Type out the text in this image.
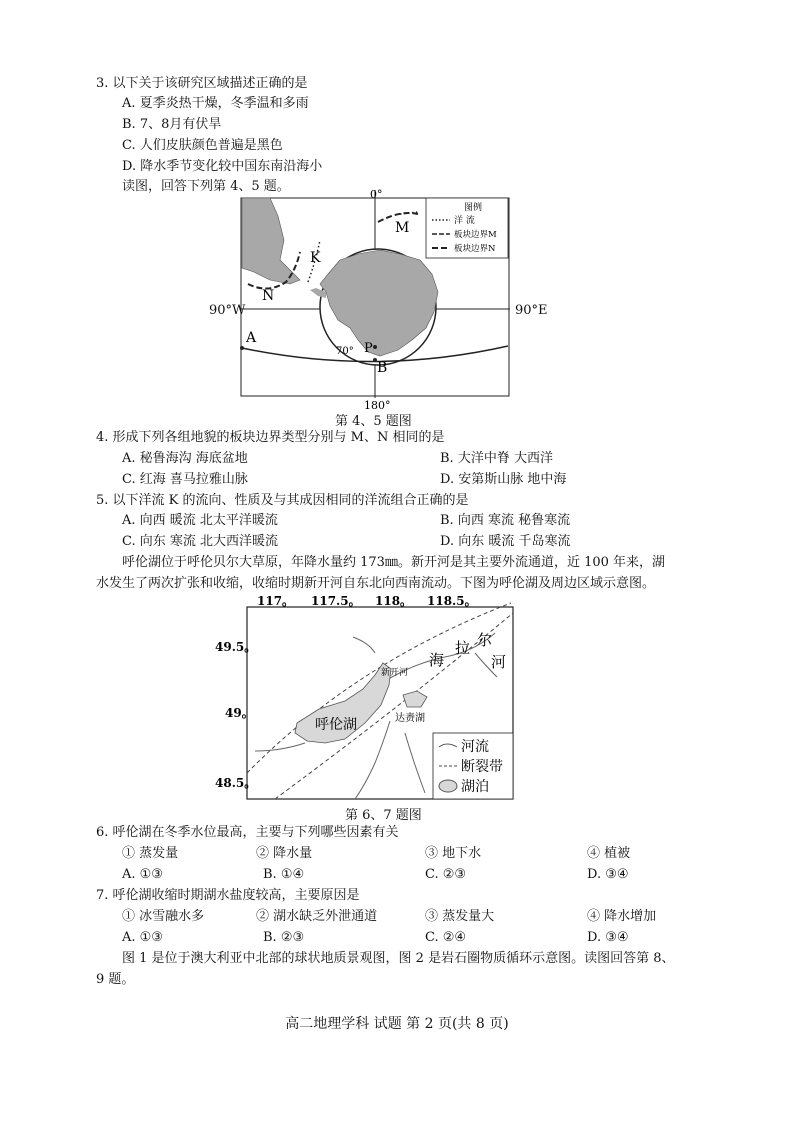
3. 以下关于该研究区域描述正确的是
A. 夏季炎热干燥，冬季温和多雨
B. 7、8月有伏旱
C. 人们皮肤颜色普遍是黑色
D. 降水季节变化较中国东南沿海小
读图，回答下列第 4、5 题。
图例
洋 流
板块边界M
板块边界N
0°
180°
M
K
N
A
P
B
70°
90°W	90°E
第 4、5 题图
4. 形成下列各组地貌的板块边界类型分别与 M、N 相同的是
A. 秘鲁海沟 海底盆地	B. 大洋中脊 大西洋
C. 红海 喜马拉雅山脉	D. 安第斯山脉 地中海
5. 以下洋流 K 的流向、性质及与其成因相同的洋流组合正确的是
A. 向西 暖流 北太平洋暖流	B. 向西 寒流 秘鲁寒流
C. 向东 寒流 北大西洋暖流	D. 向东 暖流 千岛寒流
呼伦湖位于呼伦贝尔大草原，年降水量约 173㎜。新开河是其主要外流通道，近 100 年来，湖
水发生了两次扩张和收缩，收缩时期新开河自东北向西南流动。下图为呼伦湖及周边区域示意图。
河流
断裂带
湖泊
呼伦湖	达赉湖
新开河
海
拉 尔
河
117。 117.5。 118。 118.5。
49.5。
49。
48.5。
第 6、7 题图
6. 呼伦湖在冬季水位最高，主要与下列哪些因素有关
① 蒸发量	② 降水量	③ 地下水	④ 植被
A. ①③	B. ①④	C. ②③	D. ③④
7. 呼伦湖收缩时期湖水盐度较高，主要原因是
① 冰雪融水多	② 湖水缺乏外泄通道	③ 蒸发量大	④ 降水增加
A. ①③	B. ②③	C. ②④	D. ③④
图 1 是位于澳大利亚中北部的球状地质景观图，图 2 是岩石圈物质循环示意图。读图回答第 8、
9 题。
高二地理学科 试题 第 2 页(共 8 页)
